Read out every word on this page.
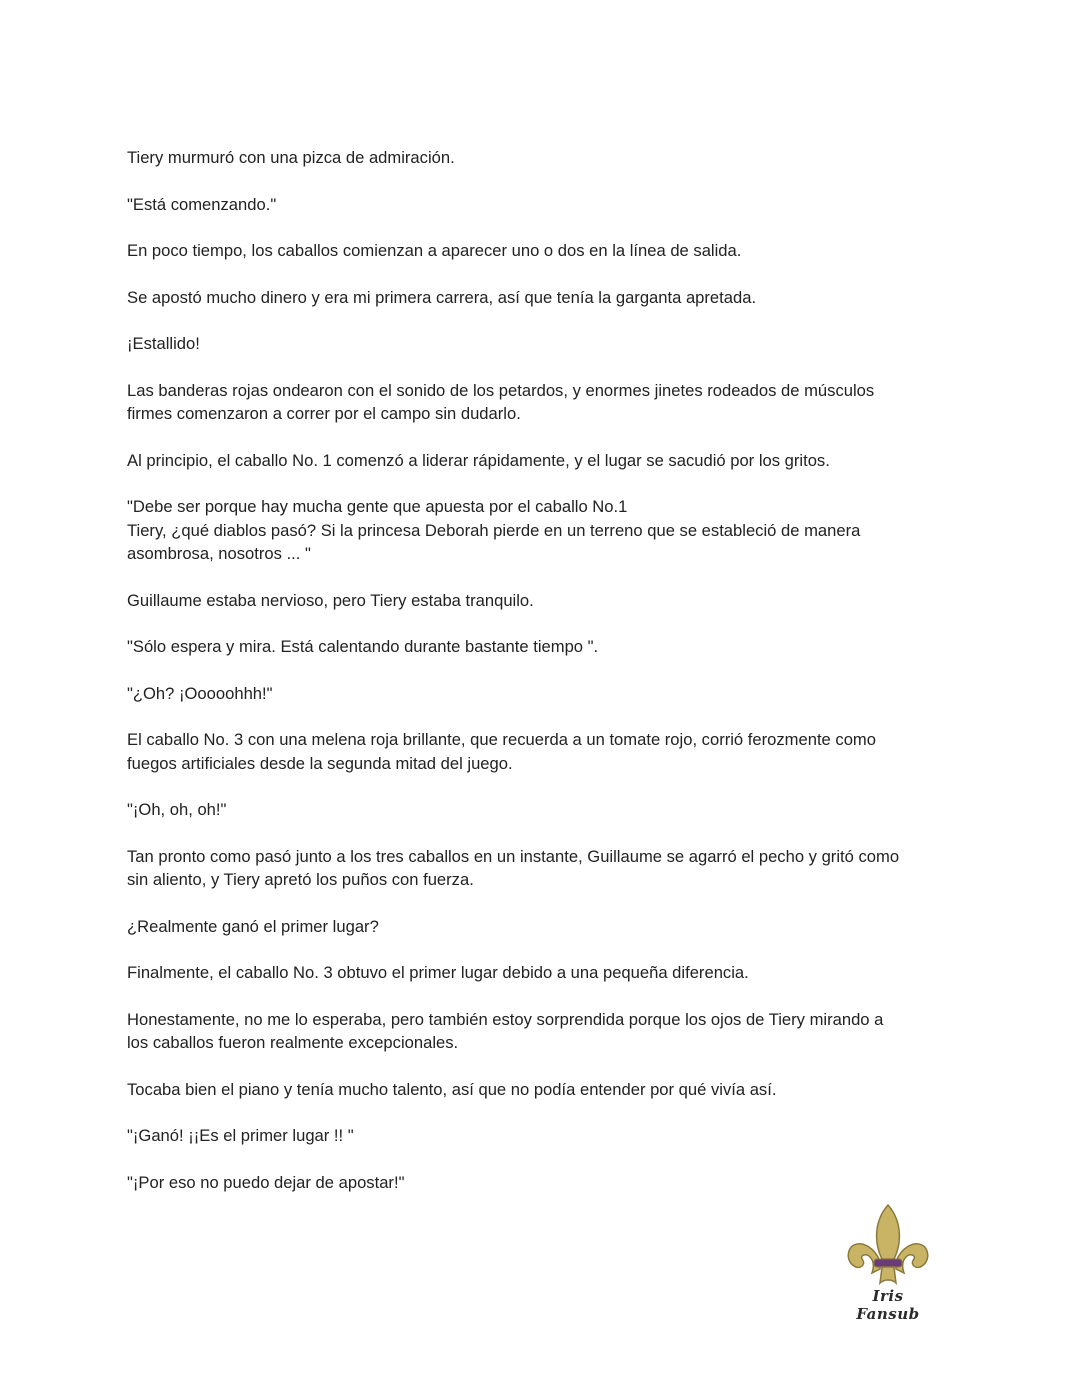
Tiery murmuró con una pizca de admiración.

"Está comenzando."

En poco tiempo, los caballos comienzan a aparecer uno o dos en la línea de salida.

Se apostó mucho dinero y era mi primera carrera, así que tenía la garganta apretada.

¡Estallido!

Las banderas rojas ondearon con el sonido de los petardos, y enormes jinetes rodeados de músculos
firmes comenzaron a correr por el campo sin dudarlo.

Al principio, el caballo No. 1 comenzó a liderar rápidamente, y el lugar se sacudió por los gritos.

"Debe ser porque hay mucha gente que apuesta por el caballo No.1
Tiery, ¿qué diablos pasó? Si la princesa Deborah pierde en un terreno que se estableció de manera
asombrosa, nosotros ... "

Guillaume estaba nervioso, pero Tiery estaba tranquilo.

"Sólo espera y mira. Está calentando durante bastante tiempo ".

"¿Oh? ¡Ooooohhh!"

El caballo No. 3 con una melena roja brillante, que recuerda a un tomate rojo, corrió ferozmente como
fuegos artificiales desde la segunda mitad del juego.

"¡Oh, oh, oh!"

Tan pronto como pasó junto a los tres caballos en un instante, Guillaume se agarró el pecho y gritó como
sin aliento, y Tiery apretó los puños con fuerza.

¿Realmente ganó el primer lugar?

Finalmente, el caballo No. 3 obtuvo el primer lugar debido a una pequeña diferencia.

Honestamente, no me lo esperaba, pero también estoy sorprendida porque los ojos de Tiery mirando a
los caballos fueron realmente excepcionales.

Tocaba bien el piano y tenía mucho talento, así que no podía entender por qué vivía así.

"¡Ganó! ¡¡Es el primer lugar !! "

"¡Por eso no puedo dejar de apostar!"

Iris Fansub
